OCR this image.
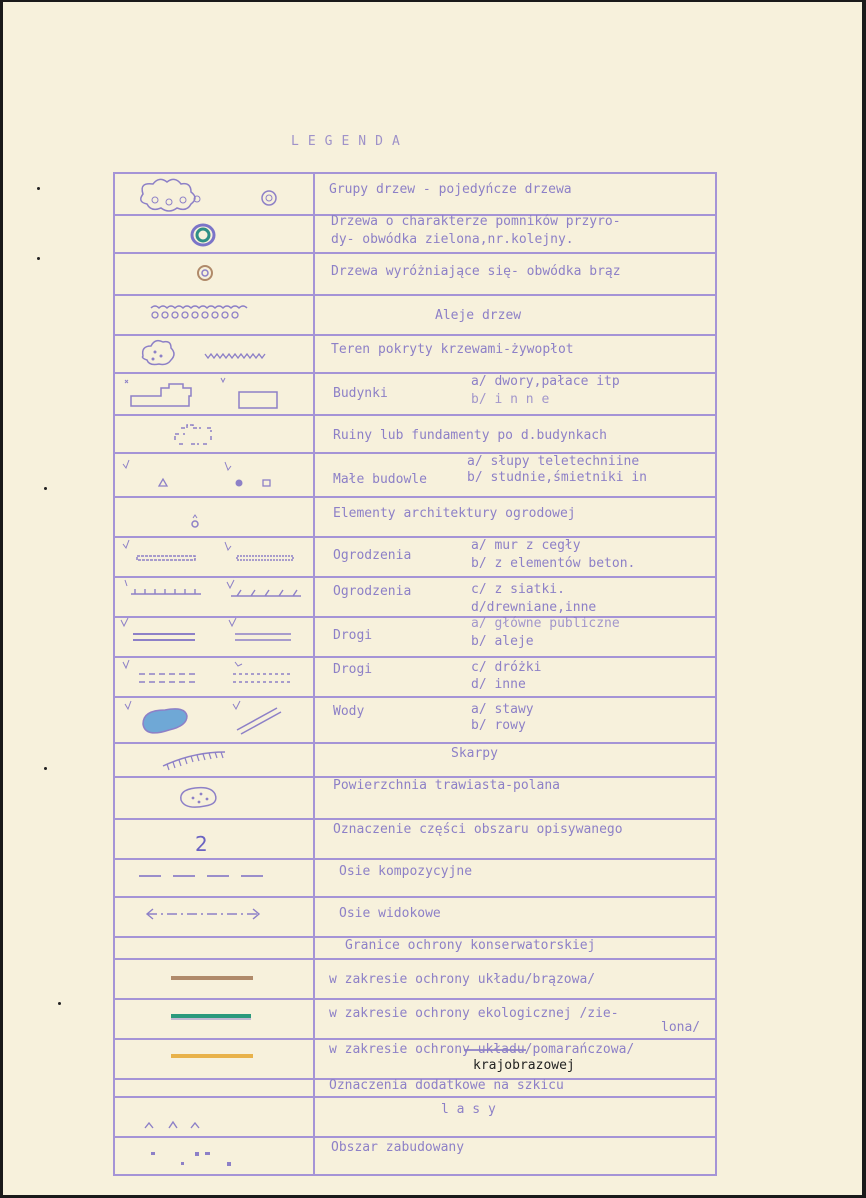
LEGENDA
Grupy drzew - pojedyńcze drzewa
Drzewa o charakterze pomników przyro-
dy- obwódka zielona,nr.kolejny.
Drzewa wyróżniające się- obwódka brąz
Aleje drzew
Teren pokryty krzewami-żywopłot
Budynki
a/ dwory,pałace itp
b/ i n n e
Ruiny lub fundamenty po d.budynkach
Małe budowle
a/ słupy teletechniine
b/ studnie,śmietniki in
Elementy architektury ogrodowej
Ogrodzenia
a/ mur z cegły
b/ z elementów beton.
Ogrodzenia	c/ z siatki.
d/drewniane,inne
Drogi
a/ główne publiczne
b/ aleje
Drogi	c/ dróżki
d/ inne
Wody	a/ stawy
b/ rowy
Skarpy
Powierzchnia trawiasta-polana
2
Oznaczenie części obszaru opisywanego
Osie kompozycyjne
Osie widokowe
Granice ochrony konserwatorskiej
w zakresie ochrony układu/brązowa/
w zakresie ochrony ekologicznej /zie-
lona/
w zakresie ochrony układu/pomarańczowa/
krajobrazowej
Oznaczenia dodatkowe na szkicu
l a s y
Obszar zabudowany
